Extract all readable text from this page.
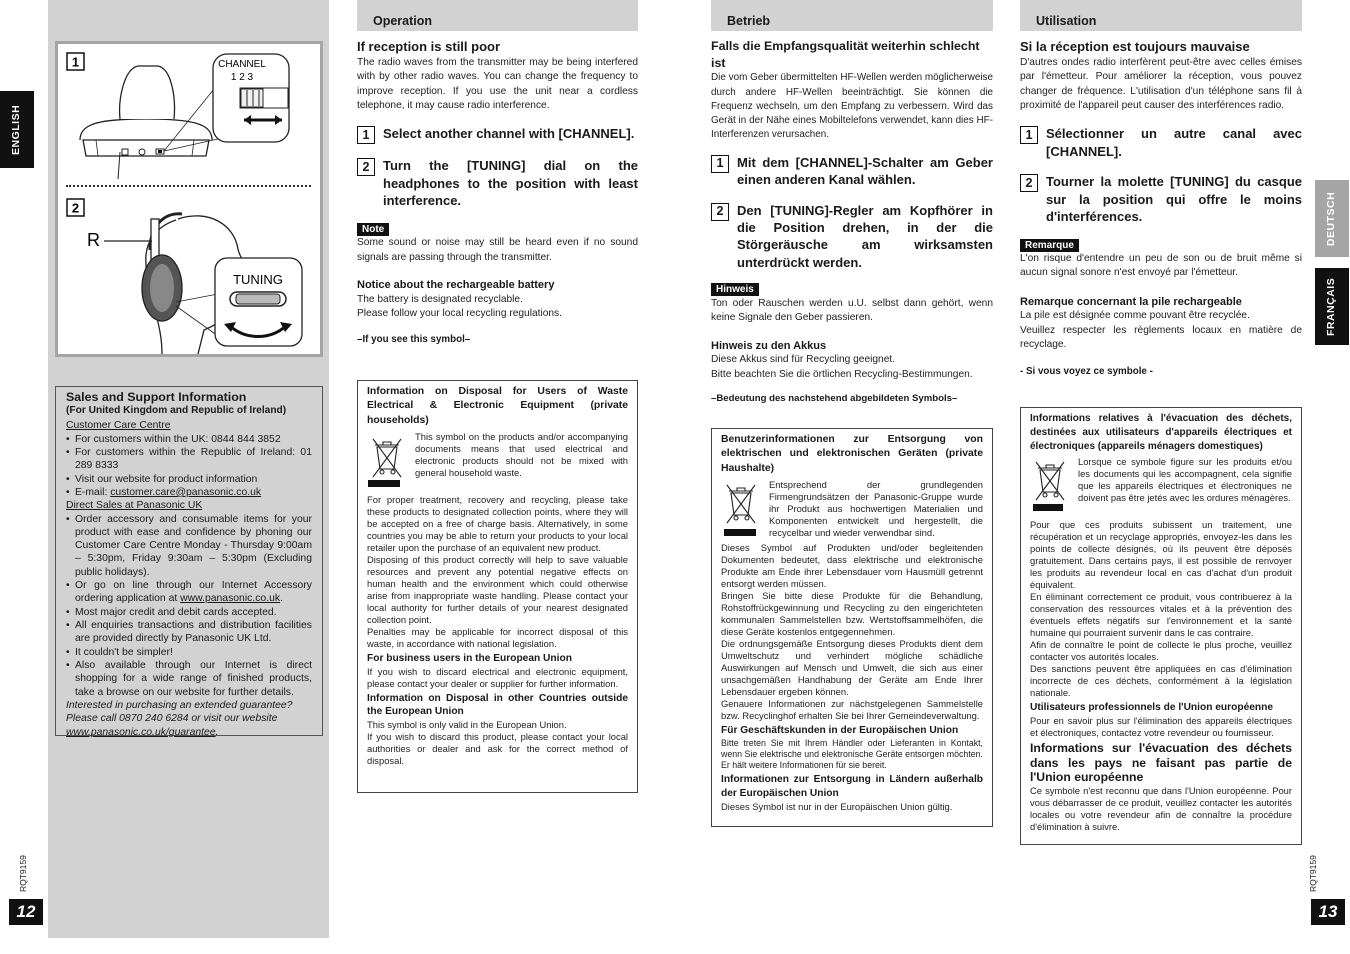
ENGLISH
RQT9159
12
1	CHANNEL
1 2 3
2
R
TUNING
Sales and Support Information
(For United Kingdom and Republic of Ireland)
Customer Care Centre
• For customers within the UK: 0844 844 3852
• For customers within the Republic of Ireland: 01 289 8333
• Visit our website for product information
• E-mail: customer.care@panasonic.co.uk
Direct Sales at Panasonic UK
• Order accessory and consumable items for your product with ease and confidence by phoning our Customer Care Centre Monday - Thursday 9:00am – 5:30pm, Friday 9:30am – 5:30pm (Excluding public holidays).
• Or go on line through our Internet Accessory ordering application at www.panasonic.co.uk.
• Most major credit and debit cards accepted.
• All enquiries transactions and distribution facilities are provided directly by Panasonic UK Ltd.
• It couldn't be simpler!
• Also available through our Internet is direct shopping for a wide range of finished products, take a browse on our website for further details.
Interested in purchasing an extended guarantee? Please call 0870 240 6284 or visit our website www.panasonic.co.uk/guarantee.
Operation
If reception is still poor

The radio waves from the transmitter may be being interfered with by other radio waves. You can change the frequency to improve reception. If you use the unit near a cordless telephone, it may cause radio interference.

1	Select another channel with [CHANNEL].
2	Turn the [TUNING] dial on the headphones to the position with least interference.
Note

Some sound or noise may still be heard even if no sound signals are passing through the transmitter.

Notice about the rechargeable battery

The battery is designated recyclable.

Please follow your local recycling regulations.

–If you see this symbol–
Information on Disposal for Users of Waste Electrical & Electronic Equipment (private households)
This symbol on the products and/or accompanying documents means that used electrical and electronic products should not be mixed with general household waste.

For proper treatment, recovery and recycling, please take these products to designated collection points, where they will be accepted on a free of charge basis. Alternatively, in some countries you may be able to return your products to your local retailer upon the purchase of an equivalent new product.

Disposing of this product correctly will help to save valuable resources and prevent any potential negative effects on human health and the environment which could otherwise arise from inappropriate waste handling. Please contact your local authority for further details of your nearest designated collection point.

Penalties may be applicable for incorrect disposal of this waste, in accordance with national legislation.

For business users in the European Union

If you wish to discard electrical and electronic equipment, please contact your dealer or supplier for further information.

Information on Disposal in other Countries outside the European Union

This symbol is only valid in the European Union.

If you wish to discard this product, please contact your local authorities or dealer and ask for the correct method of disposal.

Betrieb
Falls die Empfangsqualität weiterhin schlecht ist

Die vom Geber übermittelten HF-Wellen werden möglicherweise durch andere HF-Wellen beeinträchtigt. Sie können die Frequenz wechseln, um den Empfang zu verbessern. Wird das Gerät in der Nähe eines Mobiltelefons verwendet, kann dies HF-Interferenzen verursachen.

1	Mit dem [CHANNEL]-Schalter am Geber einen anderen Kanal wählen.
2	Den [TUNING]-Regler am Kopfhörer in die Position drehen, in der die Störgeräusche am wirksamsten unterdrückt werden.
Hinweis

Ton oder Rauschen werden u.U. selbst dann gehört, wenn keine Signale den Geber passieren.

Hinweis zu den Akkus

Diese Akkus sind für Recycling geeignet.

Bitte beachten Sie die örtlichen Recycling-Bestimmungen.

–Bedeutung des nachstehend abgebildeten Symbols–
Benutzerinformationen zur Entsorgung von elektrischen und elektronischen Geräten (private Haushalte)
Entsprechend der grundlegenden Firmengrundsätzen der Panasonic-Gruppe wurde ihr Produkt aus hochwertigen Materialien und Komponenten entwickelt und hergestellt, die recycelbar und wieder verwendbar sind.

Dieses Symbol auf Produkten und/oder begleitenden Dokumenten bedeutet, dass elektrische und elektronische Produkte am Ende ihrer Lebensdauer vom Hausmüll getrennt entsorgt werden müssen.

Bringen Sie bitte diese Produkte für die Behandlung, Rohstoffrückgewinnung und Recycling zu den eingerichteten kommunalen Sammelstellen bzw. Wertstoffsammelhöfen, die diese Geräte kostenlos entgegennehmen.

Die ordnungsgemäße Entsorgung dieses Produkts dient dem Umweltschutz und verhindert mögliche schädliche Auswirkungen auf Mensch und Umwelt, die sich aus einer unsachgemäßen Handhabung der Geräte am Ende Ihrer Lebensdauer ergeben können.

Genauere Informationen zur nächstgelegenen Sammelstelle bzw. Recyclinghof erhalten Sie bei Ihrer Gemeindeverwaltung.

Für Geschäftskunden in der Europäischen Union

Bitte treten Sie mit Ihrem Händler oder Lieferanten in Kontakt, wenn Sie elektrische und elektronische Geräte entsorgen möchten. Er hält weitere Informationen für sie bereit.

Informationen zur Entsorgung in Ländern außerhalb der Europäischen Union

Dieses Symbol ist nur in der Europäischen Union gültig.

Utilisation
Si la réception est toujours mauvaise

D'autres ondes radio interfèrent peut-être avec celles émises par l'émetteur. Pour améliorer la réception, vous pouvez changer de fréquence. L'utilisation d'un téléphone sans fil à proximité de l'appareil peut causer des interférences radio.

1	Sélectionner un autre canal avec [CHANNEL].
2	Tourner la molette [TUNING] du casque sur la position qui offre le moins d'interférences.
Remarque

L'on risque d'entendre un peu de son ou de bruit même si aucun signal sonore n'est envoyé par l'émetteur.

Remarque concernant la pile rechargeable

La pile est désignée comme pouvant être recyclée.

Veuillez respecter les règlements locaux en matière de recyclage.

- Si vous voyez ce symbole -
Informations relatives à l'évacuation des déchets, destinées aux utilisateurs d'appareils électriques et électroniques (appareils ménagers domestiques)
Lorsque ce symbole figure sur les produits et/ou les documents qui les accompagnent, cela signifie que les appareils électriques et électroniques ne doivent pas être jetés avec les ordures ménagères.

Pour que ces produits subissent un traitement, une récupération et un recyclage appropriés, envoyez-les dans les points de collecte désignés, où ils peuvent être déposés gratuitement. Dans certains pays, il est possible de renvoyer les produits au revendeur local en cas d'achat d'un produit équivalent.

En éliminant correctement ce produit, vous contribuerez à la conservation des ressources vitales et à la prévention des éventuels effets négatifs sur l'environnement et la santé humaine qui pourraient survenir dans le cas contraire.

Afin de connaître le point de collecte le plus proche, veuillez contacter vos autorités locales.

Des sanctions peuvent être appliquées en cas d'élimination incorrecte de ces déchets, conformément à la législation nationale.

Utilisateurs professionnels de l'Union européenne

Pour en savoir plus sur l'élimination des appareils électriques et électroniques, contactez votre revendeur ou fournisseur.

Informations sur l'évacuation des déchets dans les pays ne faisant pas partie de l'Union européenne

Ce symbole n'est reconnu que dans l'Union européenne. Pour vous débarrasser de ce produit, veuillez contacter les autorités locales ou votre revendeur afin de connaître la procédure d'élimination à suivre.

DEUTSCH
FRANÇAIS
RQT9159
13
